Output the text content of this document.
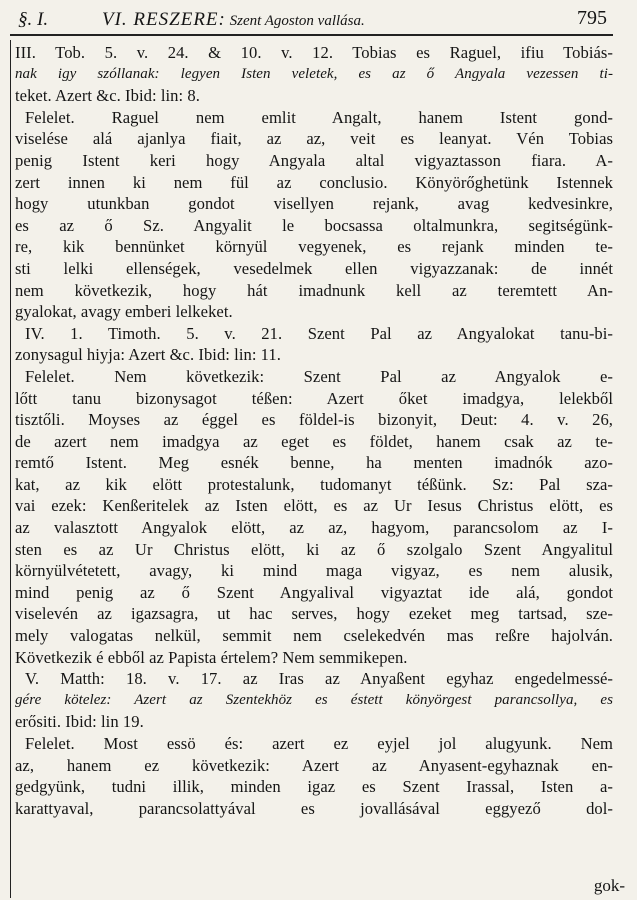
§. I.	VI. RESZERE: Szent Agoston vallása.	795
III. Tob. 5. v. 24. & 10. v. 12. Tobias es Raguel, ifiu Tobiás-
nak igy szóllanak: legyen Isten veletek, es az ő Angyala vezessen ti-
teket. Azert &c. Ibid: lin: 8.
Felelet. Raguel nem emlit Angalt, hanem Istent gond-
viselése alá ajanlya fiait, az az, veit es leanyat. Vén Tobias
penig Istent keri hogy Angyala altal vigyaztasson fiara. A-
zert innen ki nem fül az conclusio. Könyörőghetünk Istennek
hogy utunkban gondot visellyen rejank, avag kedvesinkre,
es az ő Sz. Angyalit le bocsassa oltalmunkra, segitségünk-
re, kik bennünket környül vegyenek, es rejank minden te-
sti lelki ellenségek, vesedelmek ellen vigyazzanak: de innét
nem következik, hogy hát imadnunk kell az teremtett An-
gyalokat, avagy emberi lelkeket.
IV. 1. Timoth. 5. v. 21. Szent Pal az Angyalokat tanu-bi-
zonysagul hiyja: Azert &c. Ibid: lin: 11.
Felelet. Nem következik: Szent Pal az Angyalok e-
lőtt tanu bizonysagot téßen: Azert őket imadgya, lelekből
tisztőli. Moyses az éggel es földel-is bizonyit, Deut: 4. v. 26,
de azert nem imadgya az eget es földet, hanem csak az te-
remtő Istent. Meg esnék benne, ha menten imadnók azo-
kat, az kik elött protestalunk, tudomanyt téßünk. Sz: Pal sza-
vai ezek: Kenßeritelek az Isten elött, es az Ur Iesus Christus elött, es
az valasztott Angyalok elött, az az, hagyom, parancsolom az I-
sten es az Ur Christus elött, ki az ő szolgalo Szent Angyalitul
környülvétetett, avagy, ki mind maga vigyaz, es nem alusik,
mind penig az ő Szent Angyalival vigyaztat ide alá, gondot
viselevén az igazsagra, ut hac serves, hogy ezeket meg tartsad, sze-
mely valogatas nelkül, semmit nem cselekedvén mas reßre hajolván.
Következik é ebből az Papista értelem? Nem semmikepen.
V. Matth: 18. v. 17. az Iras az Anyaßent egyhaz engedelmessé-
gére kötelez: Azert az Szentekhöz es éstett könyörgest parancsollya, es
erősiti. Ibid: lin 19.
Felelet. Most essö és: azert ez eyjel jol alugyunk. Nem
az, hanem ez következik: Azert az Anyasent-egyhaznak en-
gedgyünk, tudni illik, minden igaz es Szent Irassal, Isten a-
karattyaval, parancsolattyával es jovallásával eggyező dol-
gok-
